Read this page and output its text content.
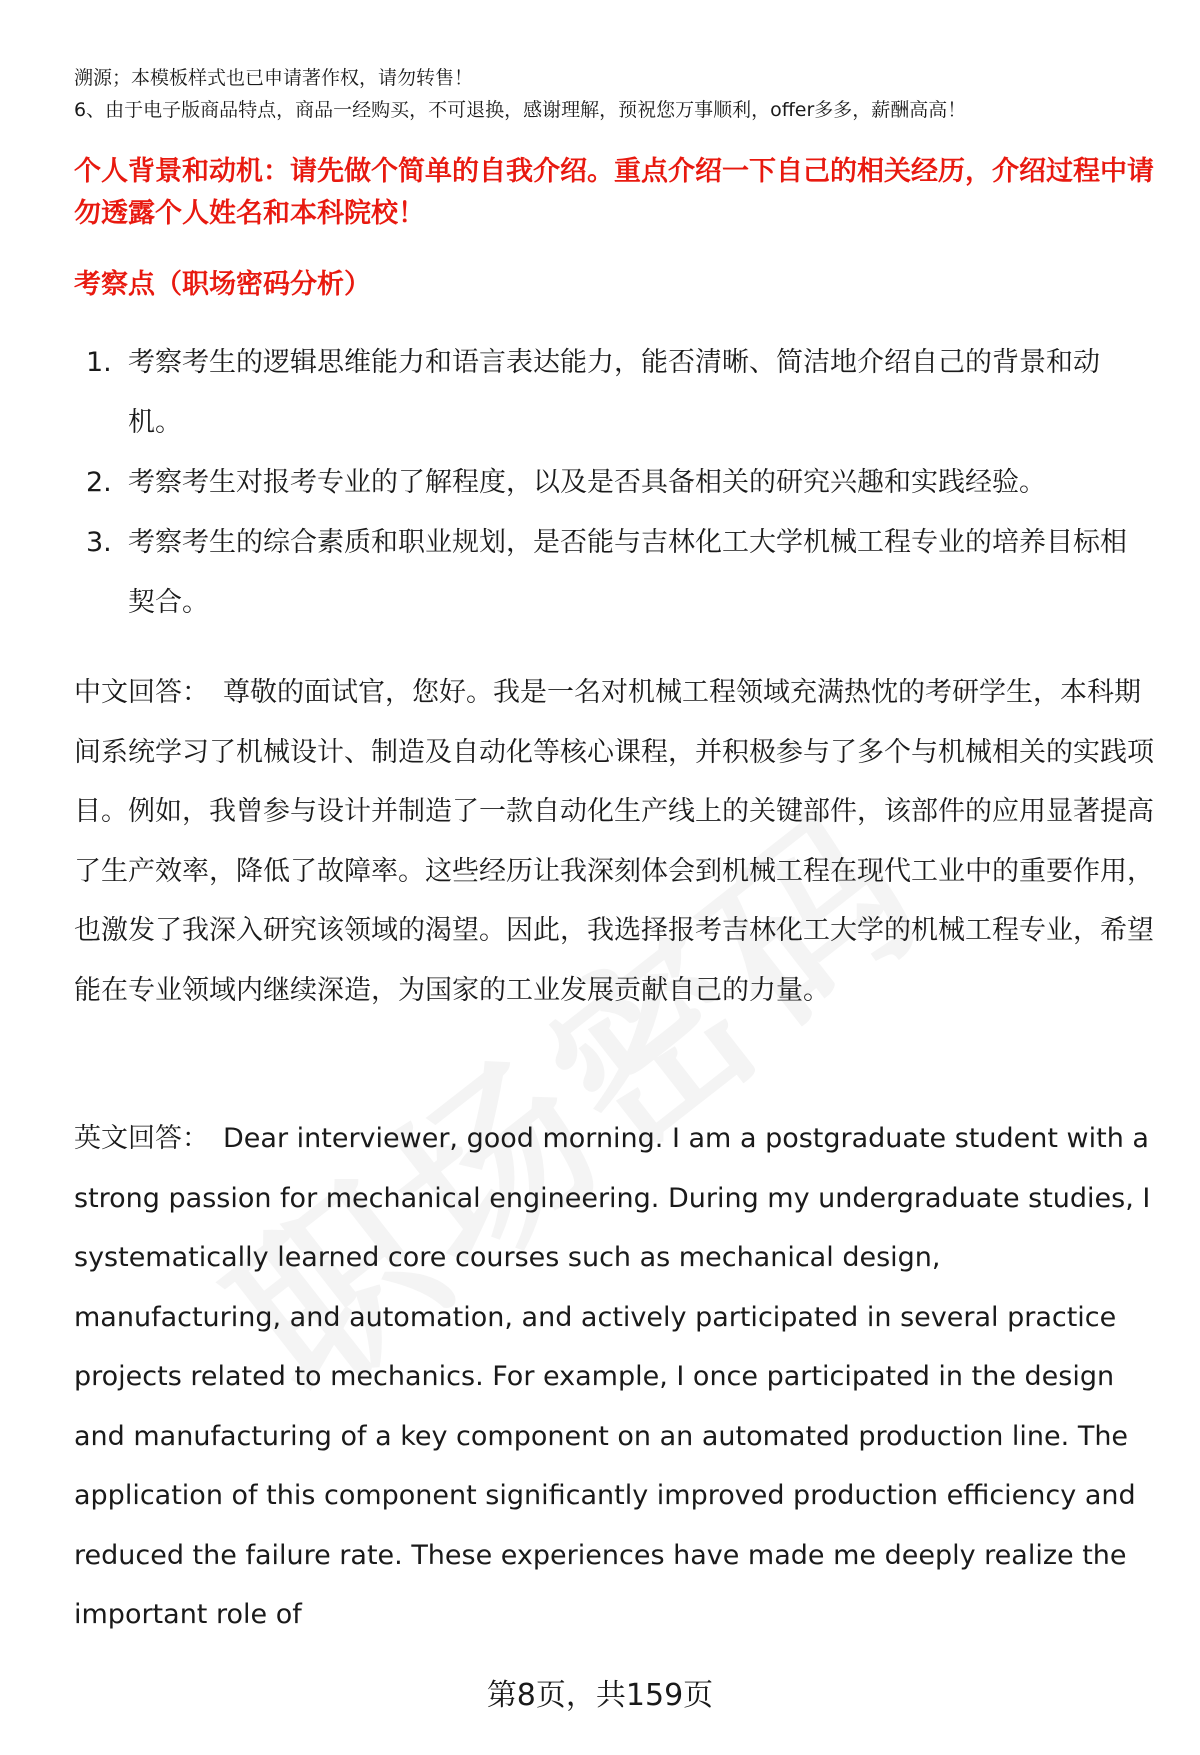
溯源；本模板样式也已申请著作权，请勿转售！
6、由于电子版商品特点，商品一经购买，不可退换，感谢理解，预祝您万事顺利，offer多多，薪酬高高！
个人背景和动机：请先做个简单的自我介绍。重点介绍一下自己的相关经历，介绍过程中请勿透露个人姓名和本科院校！
考察点（职场密码分析）
1. 考察考生的逻辑思维能力和语言表达能力，能否清晰、简洁地介绍自己的背景和动机。
2. 考察考生对报考专业的了解程度，以及是否具备相关的研究兴趣和实践经验。
3. 考察考生的综合素质和职业规划，是否能与吉林化工大学机械工程专业的培养目标相契合。

中文回答： 尊敬的面试官，您好。我是一名对机械工程领域充满热忱的考研学生，本科期间系统学习了机械设计、制造及自动化等核心课程，并积极参与了多个与机械相关的实践项目。例如，我曾参与设计并制造了一款自动化生产线上的关键部件，该部件的应用显著提高了生产效率，降低了故障率。这些经历让我深刻体会到机械工程在现代工业中的重要作用，也激发了我深入研究该领域的渴望。因此，我选择报考吉林化工大学的机械工程专业，希望能在专业领域内继续深造，为国家的工业发展贡献自己的力量。

英文回答： Dear interviewer, good morning. I am a postgraduate student with a strong passion for mechanical engineering. During my undergraduate studies, I systematically learned core courses such as mechanical design, manufacturing, and automation, and actively participated in several practice projects related to mechanics. For example, I once participated in the design and manufacturing of a key component on an automated production line. The application of this component significantly improved production efficiency and reduced the failure rate. These experiences have made me deeply realize the important role of

第8页，共159页
